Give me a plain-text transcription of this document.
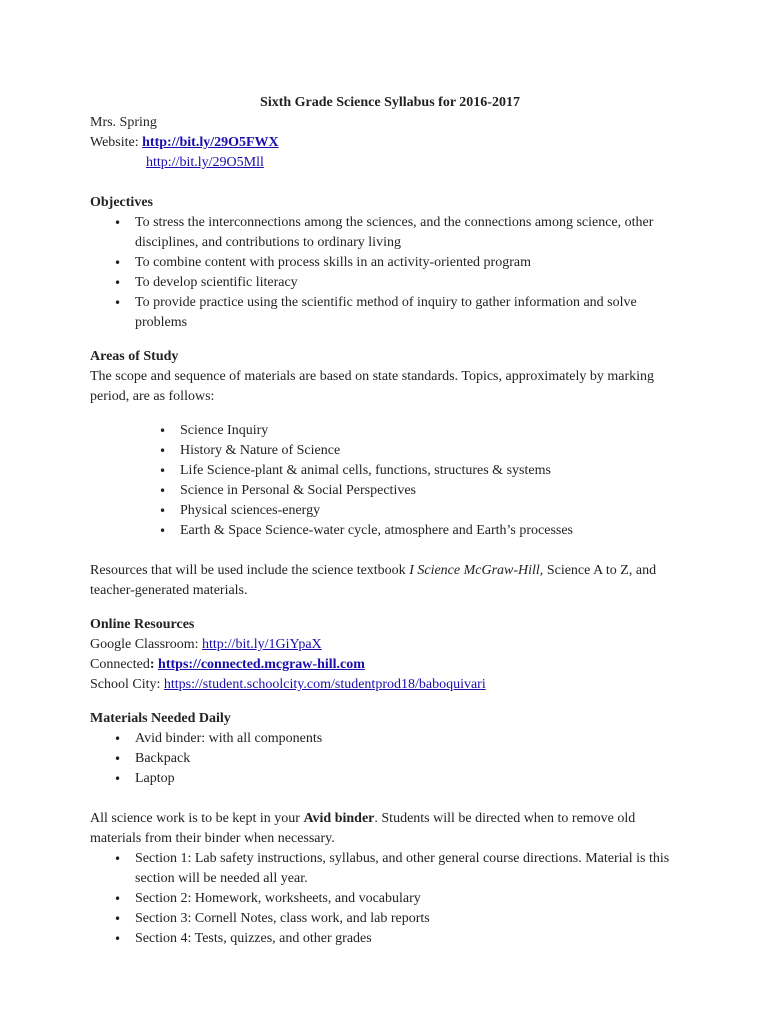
Sixth Grade Science Syllabus for 2016-2017

Mrs. Spring

Website: http://bit.ly/29O5FWX

http://bit.ly/29O5Mll

Objectives
• To stress the interconnections among the sciences, and the connections among science, other disciplines, and contributions to ordinary living
• To combine content with process skills in an activity-oriented program
• To develop scientific literacy
• To provide practice using the scientific method of inquiry to gather information and solve problems
Areas of Study

The scope and sequence of materials are based on state standards. Topics, approximately by marking period, are as follows:

• Science Inquiry
• History & Nature of Science
• Life Science-plant & animal cells, functions, structures & systems
• Science in Personal & Social Perspectives
• Physical sciences-energy
• Earth & Space Science-water cycle, atmosphere and Earth’s processes

Resources that will be used include the science textbook I Science McGraw-Hill, Science A to Z, and teacher-generated materials.

Online Resources

Google Classroom: http://bit.ly/1GiYpaX

Connected: https://connected.mcgraw-hill.com

School City: https://student.schoolcity.com/studentprod18/baboquivari

Materials Needed Daily
• Avid binder: with all components
• Backpack
• Laptop

All science work is to be kept in your Avid binder. Students will be directed when to remove old materials from their binder when necessary.

• Section 1: Lab safety instructions, syllabus, and other general course directions. Material is this section will be needed all year.
• Section 2: Homework, worksheets, and vocabulary
• Section 3: Cornell Notes, class work, and lab reports
• Section 4: Tests, quizzes, and other grades
